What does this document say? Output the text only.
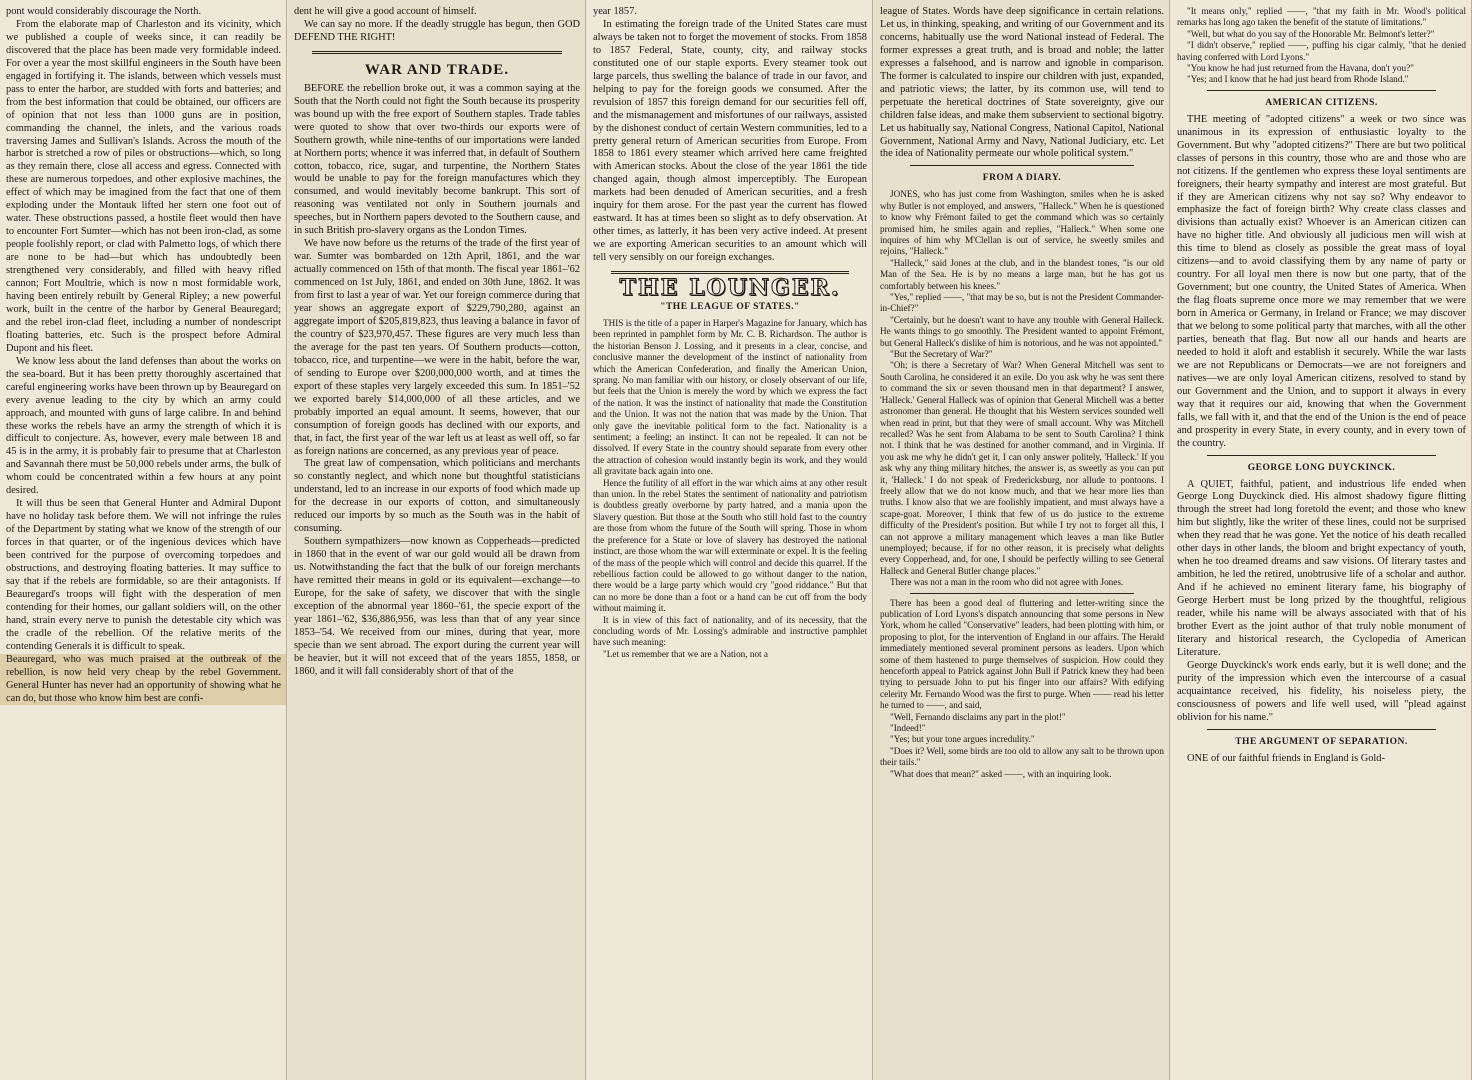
pont would considerably discourage the North.

From the elaborate map of Charleston and its vicinity, which we published a couple of weeks since, it can readily be discovered that the place has been made very formidable indeed. For over a year the most skillful engineers in the South have been engaged in fortifying it. The islands, between which vessels must pass to enter the harbor, are studded with forts and batteries; and from the best information that could be obtained, our officers are of opinion that not less than 1000 guns are in position, commanding the channel, the inlets, and the various roads traversing James and Sullivan's Islands. Across the mouth of the harbor is stretched a row of piles or obstructions—which, so long as they remain there, close all access and egress. Connected with these are numerous torpedoes, and other explosive machines, the effect of which may be imagined from the fact that one of them exploding under the Montauk lifted her stern one foot out of water. These obstructions passed, a hostile fleet would then have to encounter Fort Sumter—which has not been iron-clad, as some people foolishly report, or clad with Palmetto logs, of which there are none to be had—but which has undoubtedly been strengthened very considerably, and filled with heavy rifled cannon; Fort Moultrie, which is now n most formidable work, having been entirely rebuilt by General Ripley; a new powerful work, built in the centre of the harbor by General Beauregard; and the rebel iron-clad fleet, including a number of nondescript floating batteries, etc. Such is the prospect before Admiral Dupont and his fleet.

We know less about the land defenses than about the works on the sea-board. But it has been pretty thoroughly ascertained that careful engineering works have been thrown up by Beauregard on every avenue leading to the city by which an army could approach, and mounted with guns of large calibre. In and behind these works the rebels have an army the strength of which it is difficult to conjecture. As, however, every male between 18 and 45 is in the army, it is probably fair to presume that at Charleston and Savannah there must be 50,000 rebels under arms, the bulk of whom could be concentrated within a few hours at any point desired.

It will thus be seen that General Hunter and Admiral Dupont have no holiday task before them. We will not infringe the rules of the Department by stating what we know of the strength of our forces in that quarter, or of the ingenious devices which have been contrived for the purpose of overcoming torpedoes and obstructions, and destroying floating batteries. It may suffice to say that if the rebels are formidable, so are their antagonists. If Beauregard's troops will fight with the desperation of men contending for their homes, our gallant soldiers will, on the other hand, strain every nerve to punish the detestable city which was the cradle of the rebellion. Of the relative merits of the contending Generals it is difficult to speak.

Beauregard, who was much praised at the outbreak of the rebellion, is now held very cheap by the rebel Government. General Hunter has never had an opportunity of showing what he can do, but those who know him best are confi-

dent he will give a good account of himself.

We can say no more. If the deadly struggle has begun, then GOD DEFEND THE RIGHT!

WAR AND TRADE.

BEFORE the rebellion broke out, it was a common saying at the South that the North could not fight the South because its prosperity was bound up with the free export of Southern staples. Trade tables were quoted to show that over two-thirds our exports were of Southern growth, while nine-tenths of our importations were landed at Northern ports; whence it was inferred that, in default of Southern cotton, tobacco, rice, sugar, and turpentine, the Northern States would be unable to pay for the foreign manufactures which they consumed, and would inevitably become bankrupt. This sort of reasoning was ventilated not only in Southern journals and speeches, but in Northern papers devoted to the Southern cause, and in such British pro-slavery organs as the London Times.

We have now before us the returns of the trade of the first year of war. Sumter was bombarded on 12th April, 1861, and the war actually commenced on 15th of that month. The fiscal year 1861–'62 commenced on 1st July, 1861, and ended on 30th June, 1862. It was from first to last a year of war. Yet our foreign commerce during that year shows an aggregate export of $229,790,280, against an aggregate import of $205,819,823, thus leaving a balance in favor of the country of $23,970,457. These figures are very much less than the average for the past ten years. Of Southern products—cotton, tobacco, rice, and turpentine—we were in the habit, before the war, of sending to Europe over $200,000,000 worth, and at times the export of these staples very largely exceeded this sum. In 1851–'52 we exported barely $14,000,000 of all these articles, and we probably imported an equal amount. It seems, however, that our consumption of foreign goods has declined with our exports, and that, in fact, the first year of the war left us at least as well off, so far as foreign nations are concerned, as any previous year of peace.

The great law of compensation, which politicians and merchants so constantly neglect, and which none but thoughtful statisticians understand, led to an increase in our exports of food which made up for the decrease in our exports of cotton, and simultaneously reduced our imports by so much as the South was in the habit of consuming.

Southern sympathizers—now known as Copperheads—predicted in 1860 that in the event of war our gold would all be drawn from us. Notwithstanding the fact that the bulk of our foreign merchants have remitted their means in gold or its equivalent—exchange—to Europe, for the sake of safety, we discover that with the single exception of the abnormal year 1860–'61, the specie export of the year 1861–'62, $36,886,956, was less than that of any year since 1853–'54. We received from our mines, during that year, more specie than we sent abroad. The export during the current year will be heavier, but it will not exceed that of the years 1855, 1858, or 1860, and it will fall considerably short of that of the

year 1857.

In estimating the foreign trade of the United States care must always be taken not to forget the movement of stocks. From 1858 to 1857 Federal, State, county, city, and railway stocks constituted one of our staple exports. Every steamer took out large parcels, thus swelling the balance of trade in our favor, and helping to pay for the foreign goods we consumed. After the revulsion of 1857 this foreign demand for our securities fell off, and the mismanagement and misfortunes of our railways, assisted by the dishonest conduct of certain Western communities, led to a pretty general return of American securities from Europe. From 1858 to 1861 every steamer which arrived here came freighted with American stocks. About the close of the year 1861 the tide changed again, though almost imperceptibly. The European markets had been denuded of American securities, and a fresh inquiry for them arose. For the past year the current has flowed eastward. It has at times been so slight as to defy observation. At other times, as latterly, it has been very active indeed. At present we are exporting American securities to an amount which will tell very sensibly on our foreign exchanges.

THE LOUNGER.
"THE LEAGUE OF STATES."

THIS is the title of a paper in Harper's Magazine for January, which has been reprinted in pamphlet form by Mr. C. B. Richardson. The author is the historian Benson J. Lossing, and it presents in a clear, concise, and conclusive manner the development of the instinct of nationality from which the American Confederation, and finally the American Union, sprang. No man familiar with our history, or closely observant of our life, but feels that the Union is merely the word by which we express the fact of the nation. It was the instinct of nationality that made the Constitution and the Union. It was not the nation that was made by the Union. That only gave the inevitable political form to the fact. Nationality is a sentiment; a feeling; an instinct. It can not be repealed. It can not be dissolved. If every State in the country should separate from every other the attraction of cohesion would instantly begin its work, and they would all gravitate back again into one.

Hence the futility of all effort in the war which aims at any other result than union. In the rebel States the sentiment of nationality and patriotism is doubtless greatly overborne by party hatred, and a mania upon the Slavery question. But those at the South who still hold fast to the country are those from whom the future of the South will spring. Those in whom the preference for a State or love of slavery has destroyed the national instinct, are those whom the war will exterminate or expel. It is the feeling of the mass of the people which will control and decide this quarrel. If the rebellious faction could be allowed to go without danger to the nation, there would be a large party which would cry "good riddance." But that can no more be done than a foot or a hand can be cut off from the body without maiming it.

It is in view of this fact of nationality, and of its necessity, that the concluding words of Mr. Lossing's admirable and instructive pamphlet have such meaning:

"Let us remember that we are a Nation, not a

league of States. Words have deep significance in certain relations. Let us, in thinking, speaking, and writing of our Government and its concerns, habitually use the word National instead of Federal. The former expresses a great truth, and is broad and noble; the latter expresses a falsehood, and is narrow and ignoble in comparison. The former is calculated to inspire our children with just, expanded, and patriotic views; the latter, by its common use, will tend to perpetuate the heretical doctrines of State sovereignty, give our children false ideas, and make them subservient to sectional bigotry. Let us habitually say, National Congress, National Capitol, National Government, National Army and Navy, National Judiciary, etc. Let the idea of Nationality permeate our whole political system."

FROM A DIARY.

JONES, who has just come from Washington, smiles when he is asked why Butler is not employed, and answers, "Halleck." When he is questioned to know why Frémont failed to get the command which was so certainly promised him, he smiles again and replies, "Halleck." When some one inquires of him why M'Clellan is out of service, he sweetly smiles and rejoins, "Halleck."

"Halleck," said Jones at the club, and in the blandest tones, "is our old Man of the Sea. He is by no means a large man, but he has got us comfortably between his knees."

"Yes," replied ——, "that may be so, but is not the President Commander-in-Chief?"

"Certainly, but he doesn't want to have any trouble with General Halleck. He wants things to go smoothly. The President wanted to appoint Frémont, but General Halleck's dislike of him is notorious, and he was not appointed."

"But the Secretary of War?"

"Oh; is there a Secretary of War? When General Mitchell was sent to South Carolina, he considered it an exile. Do you ask why he was sent there to command the six or seven thousand men in that department? I answer, 'Halleck.' General Halleck was of opinion that General Mitchell was a better astronomer than general. He thought that his Western services sounded well when read in print, but that they were of small account. Why was Mitchell recalled? Was he sent from Alabama to be sent to South Carolina? I think not. I think that he was destined for another command, and in Virginia. If you ask me why he didn't get it, I can only answer politely, 'Halleck.' If you ask why any thing military hitches, the answer is, as sweetly as you can put it, 'Halleck.' I do not speak of Fredericksburg, nor allude to pontoons. I freely allow that we do not know much, and that we hear more lies than truths. I know also that we are foolishly impatient, and must always have a scape-goat. Moreover, I think that few of us do justice to the extreme difficulty of the President's position. But while I try not to forget all this, I can not approve a military management which leaves a man like Butler unemployed; because, if for no other reason, it is precisely what delights every Copperhead, and, for one, I should be perfectly willing to see General Halleck and General Butler change places."

There was not a man in the room who did not agree with Jones.

There has been a good deal of fluttering and letter-writing since the publication of Lord Lyons's dispatch announcing that some persons in New York, whom he called "Conservative" leaders, had been plotting with him, or proposing to plot, for the intervention of England in our affairs. The Herald immediately mentioned several prominent persons as leaders. Upon which some of them hastened to purge themselves of suspicion. How could they henceforth appeal to Patrick against John Bull if Patrick knew they had been trying to persuade John to put his finger into our affairs? With edifying celerity Mr. Fernando Wood was the first to purge. When —— read his letter he turned to ——, and said,

"Well, Fernando disclaims any part in the plot!"

"Indeed!"

"Yes; but your tone argues incredulity."

"Does it? Well, some birds are too old to allow any salt to be thrown upon their tails."

"What does that mean?" asked ——, with an inquiring look.

"It means only," replied ——, "that my faith in Mr. Wood's political remarks has long ago taken the benefit of the statute of limitations."

"Well, but what do you say of the Honorable Mr. Belmont's letter?"

"I didn't observe," replied ——, puffing his cigar calmly, "that he denied having conferred with Lord Lyons."

"You know he had just returned from the Havana, don't you?"

"Yes; and I know that he had just heard from Rhode Island."

AMERICAN CITIZENS.

THE meeting of "adopted citizens" a week or two since was unanimous in its expression of enthusiastic loyalty to the Government. But why "adopted citizens?" There are but two political classes of persons in this country, those who are and those who are not citizens. If the gentlemen who express these loyal sentiments are foreigners, their hearty sympathy and interest are most grateful. But if they are American citizens why not say so? Why endeavor to emphasize the fact of foreign birth? Why create class classes and divisions than actually exist? Whoever is an American citizen can have no higher title. And obviously all judicious men will wish at this time to blend as closely as possible the great mass of loyal citizens—and to avoid classifying them by any name of party or country. For all loyal men there is now but one party, that of the Government; but one country, the United States of America. When the flag floats supreme once more we may remember that we were born in America or Germany, in Ireland or France; we may discover that we belong to some political party that marches, with all the other parties, beneath that flag. But now all our hands and hearts are needed to hold it aloft and establish it securely. While the war lasts we are not Republicans or Democrats—we are not foreigners and natives—we are only loyal American citizens, resolved to stand by our Government and the Union, and to support it always in every way that it requires our aid, knowing that when the Government falls, we fall with it, and that the end of the Union is the end of peace and prosperity in every State, in every county, and in every town of the country.

GEORGE LONG DUYCKINCK.

A QUIET, faithful, patient, and industrious life ended when George Long Duyckinck died. His almost shadowy figure flitting through the street had long foretold the event; and those who knew him but slightly, like the writer of these lines, could not be surprised when they read that he was gone. Yet the notice of his death recalled other days in other lands, the bloom and bright expectancy of youth, when he too dreamed dreams and saw visions. Of literary tastes and ambition, he led the retired, unobtrusive life of a scholar and author. And if he achieved no eminent literary fame, his biography of George Herbert must be long prized by the thoughtful, religious reader, while his name will be always associated with that of his brother Evert as the joint author of that truly noble monument of literary and historical research, the Cyclopedia of American Literature.

George Duyckinck's work ends early, but it is well done; and the purity of the impression which even the intercourse of a casual acquaintance received, his fidelity, his noiseless piety, the consciousness of powers and life well used, will "plead against oblivion for his name."

THE ARGUMENT OF SEPARATION.

ONE of our faithful friends in England is Gold-
